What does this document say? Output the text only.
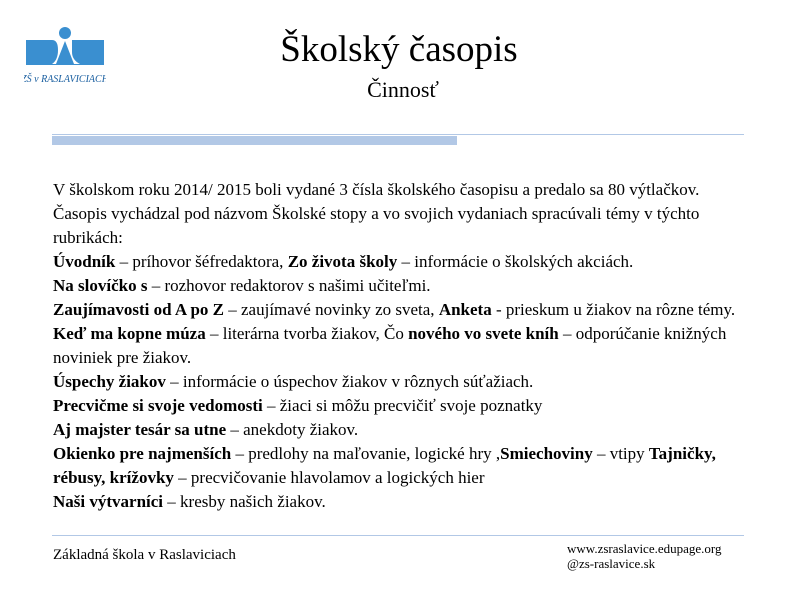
ZŠ v RASLAVICIACH
Školský časopis
Činnosť

V školskom roku 2014/ 2015 boli vydané 3 čísla školského časopisu a predalo sa 80 výtlačkov. Časopis vychádzal pod názvom Školské stopy a vo svojich vydaniach spracúvali témy v týchto rubrikách:

Úvodník – príhovor šéfredaktora, Zo života školy – informácie o školských akciách.

Na slovíčko s – rozhovor redaktorov s našimi učiteľmi.

Zaujímavosti od A po Z – zaujímavé novinky zo sveta, Anketa - prieskum u žiakov na rôzne témy.

Keď ma kopne múza – literárna tvorba žiakov, Čo nového vo svete kníh – odporúčanie knižných noviniek pre žiakov.

Úspechy žiakov – informácie o úspechov žiakov v rôznych súťažiach.

Precvičme si svoje vedomosti – žiaci si môžu precvičiť svoje poznatky

Aj majster tesár sa utne – anekdoty žiakov.

Okienko pre najmenších – predlohy na maľovanie, logické hry ,Smiechoviny – vtipy Tajničky, rébusy, krížovky – precvičovanie hlavolamov a logických hier

Naši výtvarníci – kresby našich žiakov.

Základná škola v Raslaviciach	www.zsraslavice.edupage.org
@zs-raslavice.sk
